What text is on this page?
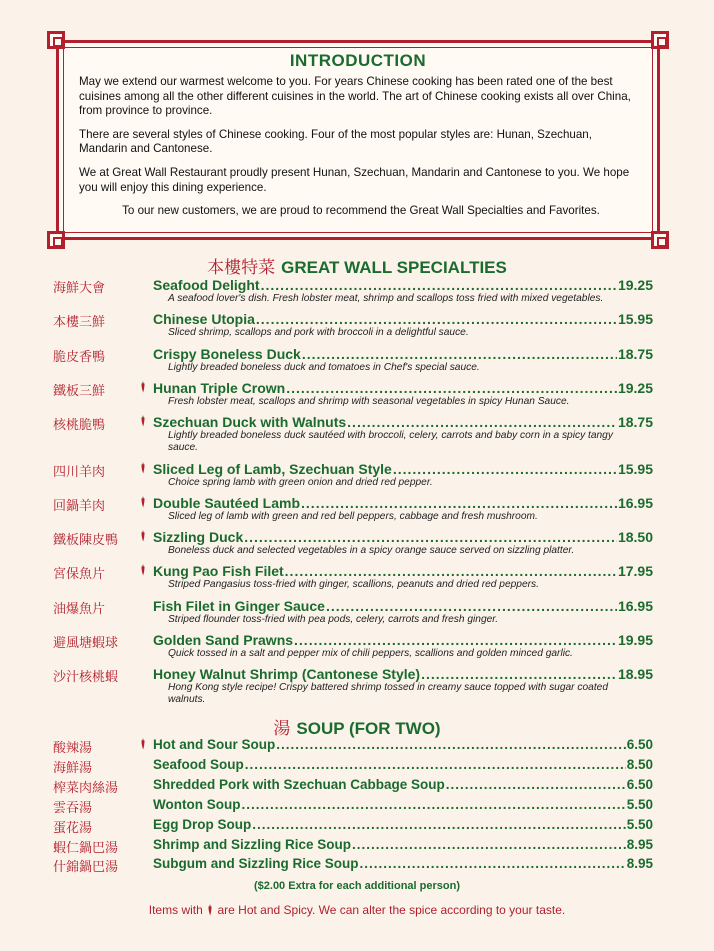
INTRODUCTION

May we extend our warmest welcome to you. For years Chinese cooking has been rated one of the best cuisines among all the other different cuisines in the world. The art of Chinese cooking exists all over China, from province to province.

There are several styles of Chinese cooking. Four of the most popular styles are: Hunan, Szechuan, Mandarin and Cantonese.

We at Great Wall Restaurant proudly present Hunan, Szechuan, Mandarin and Cantonese to you. We hope you will enjoy this dining experience.

To our new customers, we are proud to recommend the Great Wall Specialties and Favorites.

本樓特菜 GREAT WALL SPECIALTIES
海鮮大會	Seafood Delight .....	19.25
A seafood lover's dish. Fresh lobster meat, shrimp and scallops toss fried with mixed vegetables.
本樓三鮮	Chinese Utopia .....	15.95
Sliced shrimp, scallops and pork with broccoli in a delightful sauce.
脆皮香鴨	Crispy Boneless Duck .....	18.75
Lightly breaded boneless duck and tomatoes in Chef's special sauce.
鐵板三鮮	Hunan Triple Crown .....	19.25
Fresh lobster meat, scallops and shrimp with seasonal vegetables in spicy Hunan Sauce.
核桃脆鴨	Szechuan Duck with Walnuts .....	18.75
Lightly breaded boneless duck sautéed with broccoli, celery, carrots and baby corn in a spicy tangy sauce.
四川羊肉	Sliced Leg of Lamb, Szechuan Style .....	15.95
Choice spring lamb with green onion and dried red pepper.
回鍋羊肉	Double Sautéed Lamb .....	16.95
Sliced leg of lamb with green and red bell peppers, cabbage and fresh mushroom.
鐵板陳皮鴨 Sizzling Duck .....	18.50
Boneless duck and selected vegetables in a spicy orange sauce served on sizzling platter.
宮保魚片	Kung Pao Fish Filet .....	17.95
Striped Pangasius toss-fried with ginger, scallions, peanuts and dried red peppers.
油爆魚片	Fish Filet in Ginger Sauce .....	16.95
Striped flounder toss-fried with pea pods, celery, carrots and fresh ginger.
避風塘蝦球 Golden Sand Prawns .....	19.95
Quick tossed in a salt and pepper mix of chili peppers, scallions and golden minced garlic.
沙汁核桃蝦 Honey Walnut Shrimp (Cantonese Style) .....	18.95
Hong Kong style recipe! Crispy battered shrimp tossed in creamy sauce topped with sugar coated walnuts.
湯 SOUP (FOR TWO)
酸辣湯	Hot and Sour Soup .....	6.50
海鮮湯	Seafood Soup .....	8.50
榨菜肉絲湯	Shredded Pork with Szechuan Cabbage Soup .....	6.50
雲吞湯	Wonton Soup .....	5.50
蛋花湯	Egg Drop Soup .....	5.50
蝦仁鍋巴湯	Shrimp and Sizzling Rice Soup .....	8.95
什錦鍋巴湯	Subgum and Sizzling Rice Soup .....	8.95
($2.00 Extra for each additional person)
Items with are Hot and Spicy. We can alter the spice according to your taste.
